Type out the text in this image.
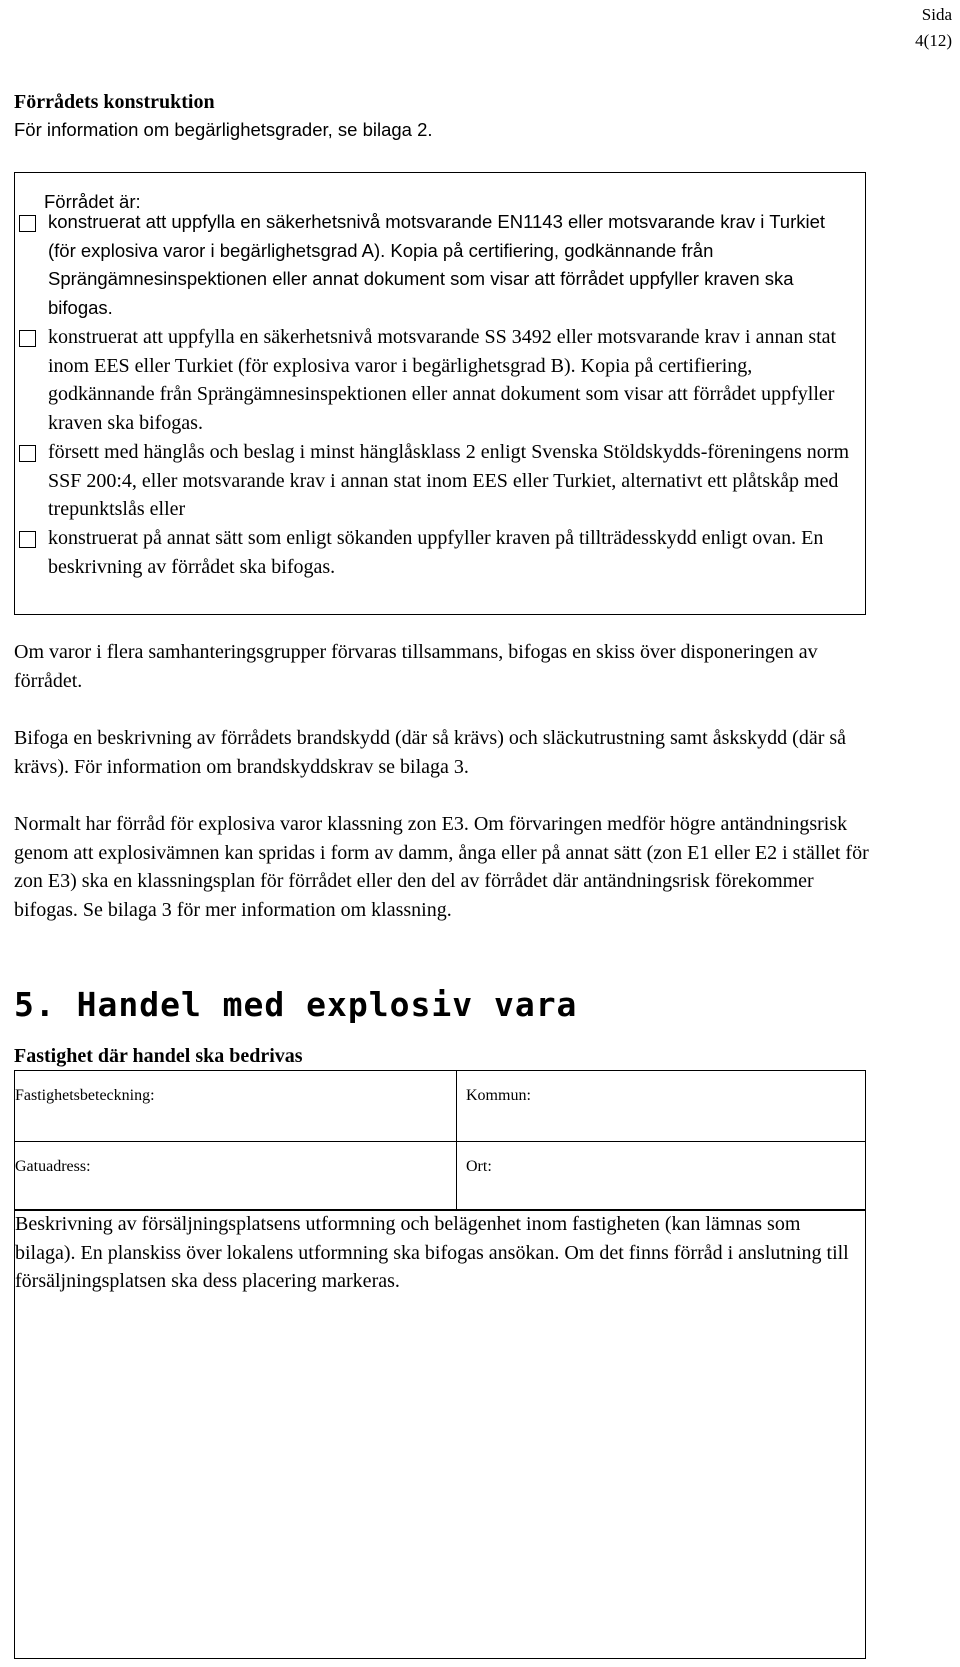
Sida
4(12)
Förrådets konstruktion

För information om begärlighetsgrader, se bilaga 2.

Förrådet är:

konstruerat att uppfylla en säkerhetsnivå motsvarande EN1143 eller motsvarande krav i Turkiet (för explosiva varor i begärlighetsgrad A). Kopia på certifiering, godkännande från Sprängämnesinspektionen eller annat dokument som visar att förrådet uppfyller kraven ska bifogas.
konstruerat att uppfylla en säkerhetsnivå motsvarande SS 3492 eller motsvarande krav i annan stat inom EES eller Turkiet (för explosiva varor i begärlighetsgrad B). Kopia på certifiering, godkännande från Sprängämnesinspektionen eller annat dokument som visar att förrådet uppfyller kraven ska bifogas.
försett med hänglås och beslag i minst hänglåsklass 2 enligt Svenska Stöldskydds-föreningens norm SSF 200:4, eller motsvarande krav i annan stat inom EES eller Turkiet, alternativt ett plåtskåp med trepunktslås eller
konstruerat på annat sätt som enligt sökanden uppfyller kraven på tillträdesskydd enligt ovan. En beskrivning av förrådet ska bifogas.

Om varor i flera samhanteringsgrupper förvaras tillsammans, bifogas en skiss över disponeringen av förrådet.

Bifoga en beskrivning av förrådets brandskydd (där så krävs) och släckutrustning samt åskskydd (där så krävs). För information om brandskyddskrav se bilaga 3.

Normalt har förråd för explosiva varor klassning zon E3. Om förvaringen medför högre antändningsrisk genom att explosivämnen kan spridas i form av damm, ånga eller på annat sätt (zon E1 eller E2 i stället för zon E3) ska en klassningsplan för förrådet eller den del av förrådet där antändningsrisk förekommer bifogas. Se bilaga 3 för mer information om klassning.

5. Handel med explosiv vara
Fastighet där handel ska bedrivas
Fastighetsbeteckning:	Kommun:
Gatuadress:	Ort:

Beskrivning av försäljningsplatsens utformning och belägenhet inom fastigheten (kan lämnas som bilaga). En planskiss över lokalens utformning ska bifogas ansökan. Om det finns förråd i anslutning till försäljningsplatsen ska dess placering markeras.
